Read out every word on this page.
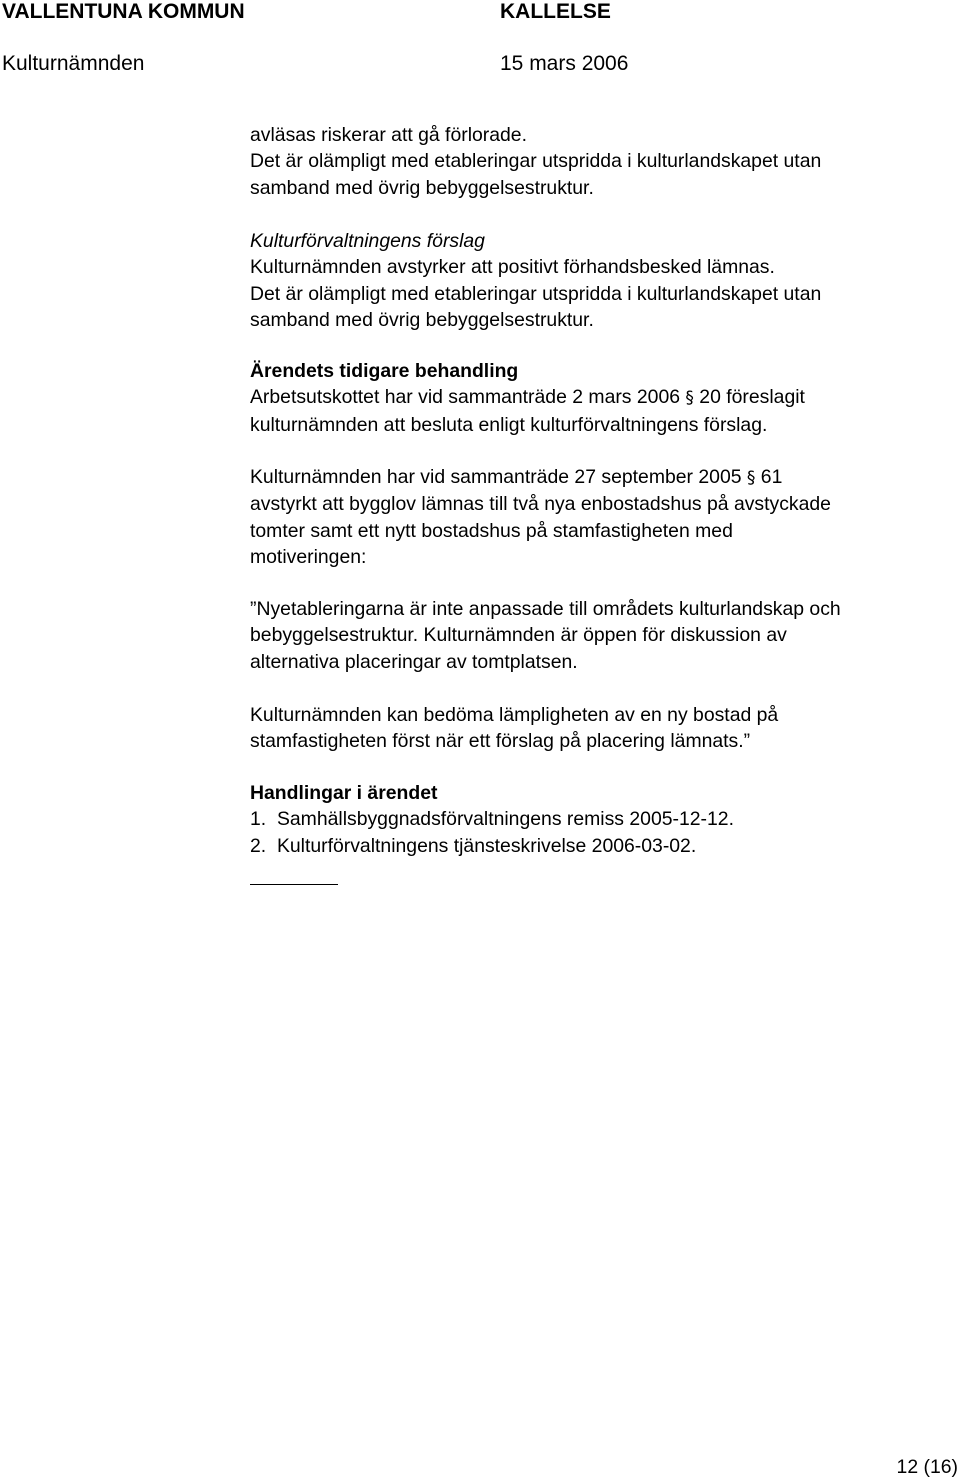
VALLENTUNA KOMMUN	KALLELSE
Kulturnämnden	15 mars 2006
avläsas riskerar att gå förlorade.
Det är olämpligt med etableringar utspridda i kulturlandskapet utan
samband med övrig bebyggelsestruktur.
Kulturförvaltningens förslag
Kulturnämnden avstyrker att positivt förhandsbesked lämnas.
Det är olämpligt med etableringar utspridda i kulturlandskapet utan
samband med övrig bebyggelsestruktur.
Ärendets tidigare behandling
Arbetsutskottet har vid sammanträde 2 mars 2006 § 20 föreslagit
kulturnämnden att besluta enligt kulturförvaltningens förslag.
Kulturnämnden har vid sammanträde 27 september 2005 § 61
avstyrkt att bygglov lämnas till två nya enbostadshus på avstyckade
tomter samt ett nytt bostadshus på stamfastigheten med
motiveringen:
”Nyetableringarna är inte anpassade till områdets kulturlandskap och
bebyggelsestruktur. Kulturnämnden är öppen för diskussion av
alternativa placeringar av tomtplatsen.
Kulturnämnden kan bedöma lämpligheten av en ny bostad på
stamfastigheten först när ett förslag på placering lämnats.”
Handlingar i ärendet
1.  Samhällsbyggnadsförvaltningens remiss 2005-12-12.
2.  Kulturförvaltningens tjänsteskrivelse 2006-03-02.
12 (16)
